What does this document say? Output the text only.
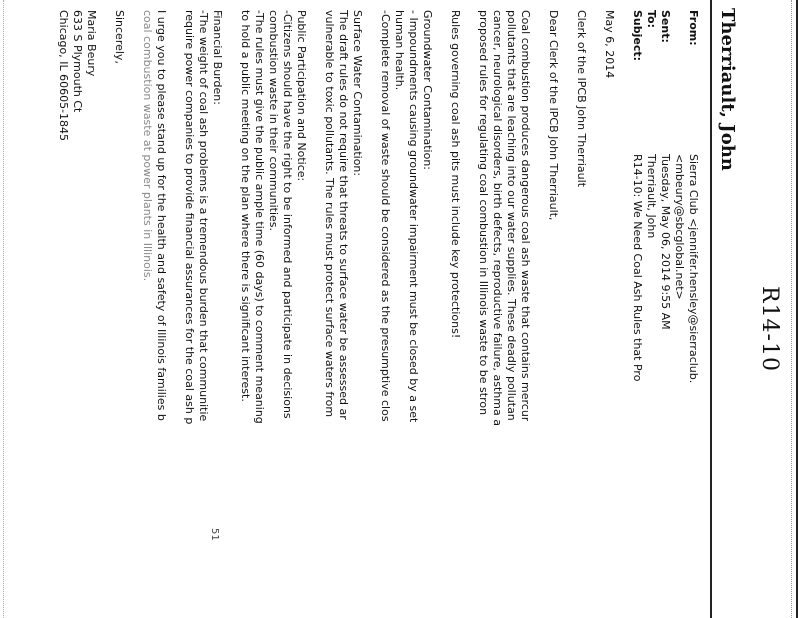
R14-10
Therriault, John
From:
Sierra Club <jennifer.hensley@sierraclub.
<mbeury@sbcglobal.net>
Sent:
Tuesday, May 06, 2014 9:55 AM
To:
Therriault, John
Subject:
R14-10: We Need Coal Ash Rules that Pro
May 6, 2014
Clerk of the IPCB John Therriault
Dear Clerk of the IPCB John Therriault,
Coal combustion produces dangerous coal ash waste that contains mercur
pollutants that are leaching into our water supplies. These deadly pollutan
cancer, neurological disorders, birth defects, reproductive failure, asthma a
proposed rules for regulating coal combustion in Illinois waste to be stron
Rules governing coal ash pits must include key protections!
Groundwater Contamination:
- Impoundments causing groundwater impairment must be closed by a set
human health.
-Complete removal of waste should be considered as the presumptive clos
Surface Water Contamination:
The draft rules do not require that threats to surface water be assessed ar
vulnerable to toxic pollutants. The rules must protect surface waters from
Public Participation and Notice:
-Citizens should have the right to be informed and participate in decisions
combustion waste in their communities.
-The rules must give the public ample time (60 days) to comment meaning
to hold a public meeting on the plan where there is significant interest.
Financial Burden:
-The weight of coal ash problems is a tremendous burden that communitie
require power companies to provide financial assurances for the coal ash p
I urge you to please stand up for the health and safety of Illinois families b
coal combustion waste at power plants in Illinois.
Sincerely,
Maria Beury
633 S Plymouth Ct
Chicago, IL 60605-1845
51
